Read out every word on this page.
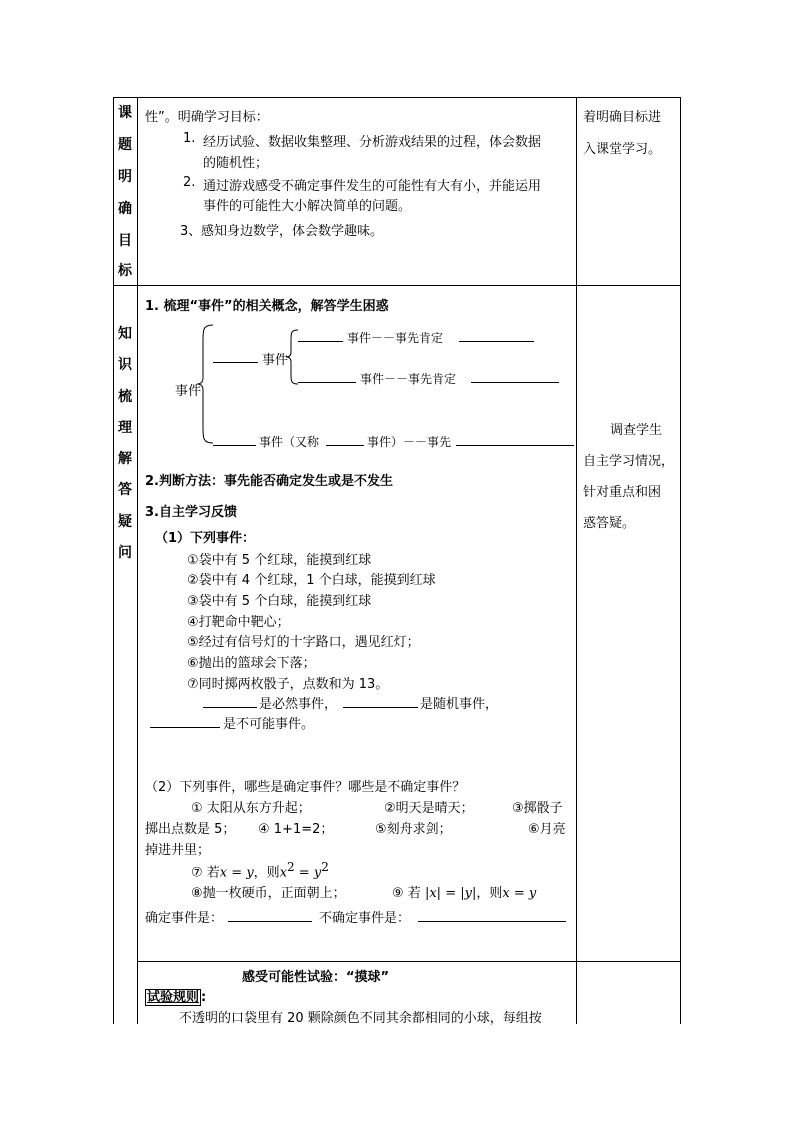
课
题
明
确
目
标
性”。明确学习目标：
1. 经历试验、数据收集整理、分析游戏结果的过程，体会数据
的随机性；
2. 通过游戏感受不确定事件发生的可能性有大有小，并能运用
事件的可能性大小解决简单的问题。
3、 感知身边数学，体会数学趣味。
着明确目标进
入课堂学习。
知
识
梳
理
解
答
疑
问
1. 梳理“事件”的相关概念，解答学生困惑
事件
事件
事件－－事先肯定
事件－－事先肯定
事件（又称	事件）－－事先
2.判断方法：事先能否确定发生或是不发生
3.自主学习反馈
（1）下列事件：
①袋中有 5 个红球，能摸到红球
②袋中有 4 个红球，1 个白球，能摸到红球
③袋中有 5 个白球，能摸到红球
④打靶命中靶心；
⑤经过有信号灯的十字路口，遇见红灯；
⑥抛出的篮球会下落；
⑦同时掷两枚骰子，点数和为 13。
是必然事件，	是随机事件，
是不可能事件。
（2）下列事件，哪些是确定事件？哪些是不确定事件？
① 太阳从东方升起；	②明天是晴天；	③掷骰子
掷出点数是 5； ④ 1+1=2；	⑤刻舟求剑；	⑥月亮
掉进井里；
⑦ 若x = y，则$x^2 = y^2$
⑧抛一枚硬币，正面朝上；	⑨ 若 |x| = |y|，则x = y
确定事件是：	不确定事件是：
调查学生
自主学习情况，
针对重点和困
惑答疑。
感受可能性试验：“摸球”
试验规则 :
不透明的口袋里有 20 颗除颜色不同其余都相同的小球，每组按
